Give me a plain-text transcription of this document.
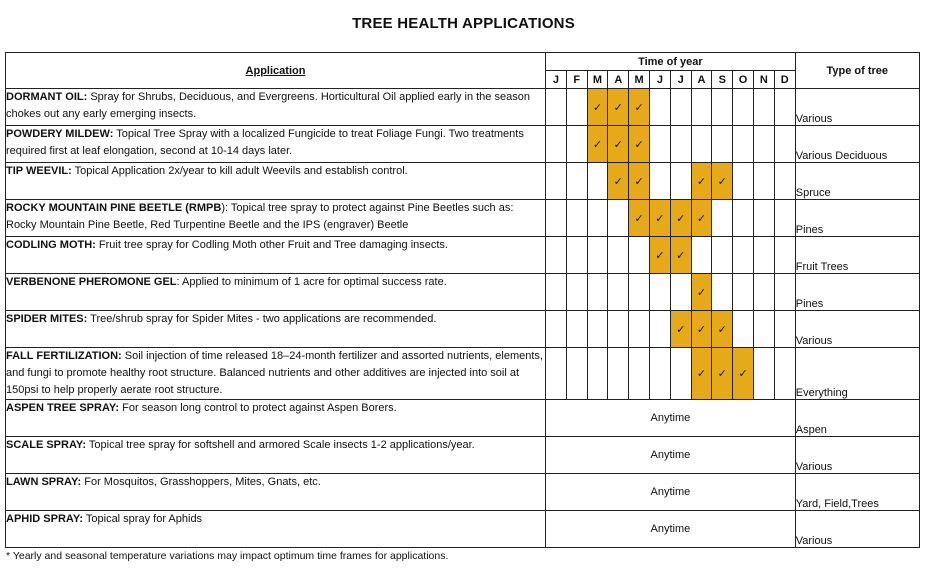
TREE HEALTH APPLICATIONS
Application	Time of year												Type of tree
	J	F	M	A	M	J	J	A	S	O	N	D	
DORMANT OIL: Spray for Shrubs, Deciduous, and Evergreens. Horticultural Oil applied early in the season chokes out any early emerging insects.			✓	✓	✓								Various
POWDERY MILDEW: Topical Tree Spray with a localized Fungicide to treat Foliage Fungi. Two treatments required first at leaf elongation, second at 10-14 days later.			✓	✓	✓								Various Deciduous
TIP WEEVIL: Topical Application 2x/year to kill adult Weevils and establish control.				✓	✓			✓	✓				Spruce
ROCKY MOUNTAIN PINE BEETLE (RMPB): Topical tree spray to protect against Pine Beetles such as: Rocky Mountain Pine Beetle, Red Turpentine Beetle and the IPS (engraver) Beetle					✓	✓	✓	✓					Pines
CODLING MOTH: Fruit tree spray for Codling Moth other Fruit and Tree damaging insects.						✓	✓						Fruit Trees
VERBENONE PHEROMONE GEL: Applied to minimum of 1 acre for optimal success rate.								✓					Pines
SPIDER MITES: Tree/shrub spray for Spider Mites - two applications are recommended.							✓	✓	✓				Various
FALL FERTILIZATION: Soil injection of time released 18–24-month fertilizer and assorted nutrients, elements, and fungi to promote healthy root structure. Balanced nutrients and other additives are injected into soil at 150psi to help properly aerate root structure.								✓	✓	✓			Everything
ASPEN TREE SPRAY: For season long control to protect against Aspen Borers.	Anytime												Aspen
SCALE SPRAY: Topical tree spray for softshell and armored Scale insects 1-2 applications/year.	Anytime												Various
LAWN SPRAY: For Mosquitos, Grasshoppers, Mites, Gnats, etc.	Anytime												Yard, Field,Trees
APHID SPRAY: Topical spray for Aphids	Anytime												Various
* Yearly and seasonal temperature variations may impact optimum time frames for applications.
